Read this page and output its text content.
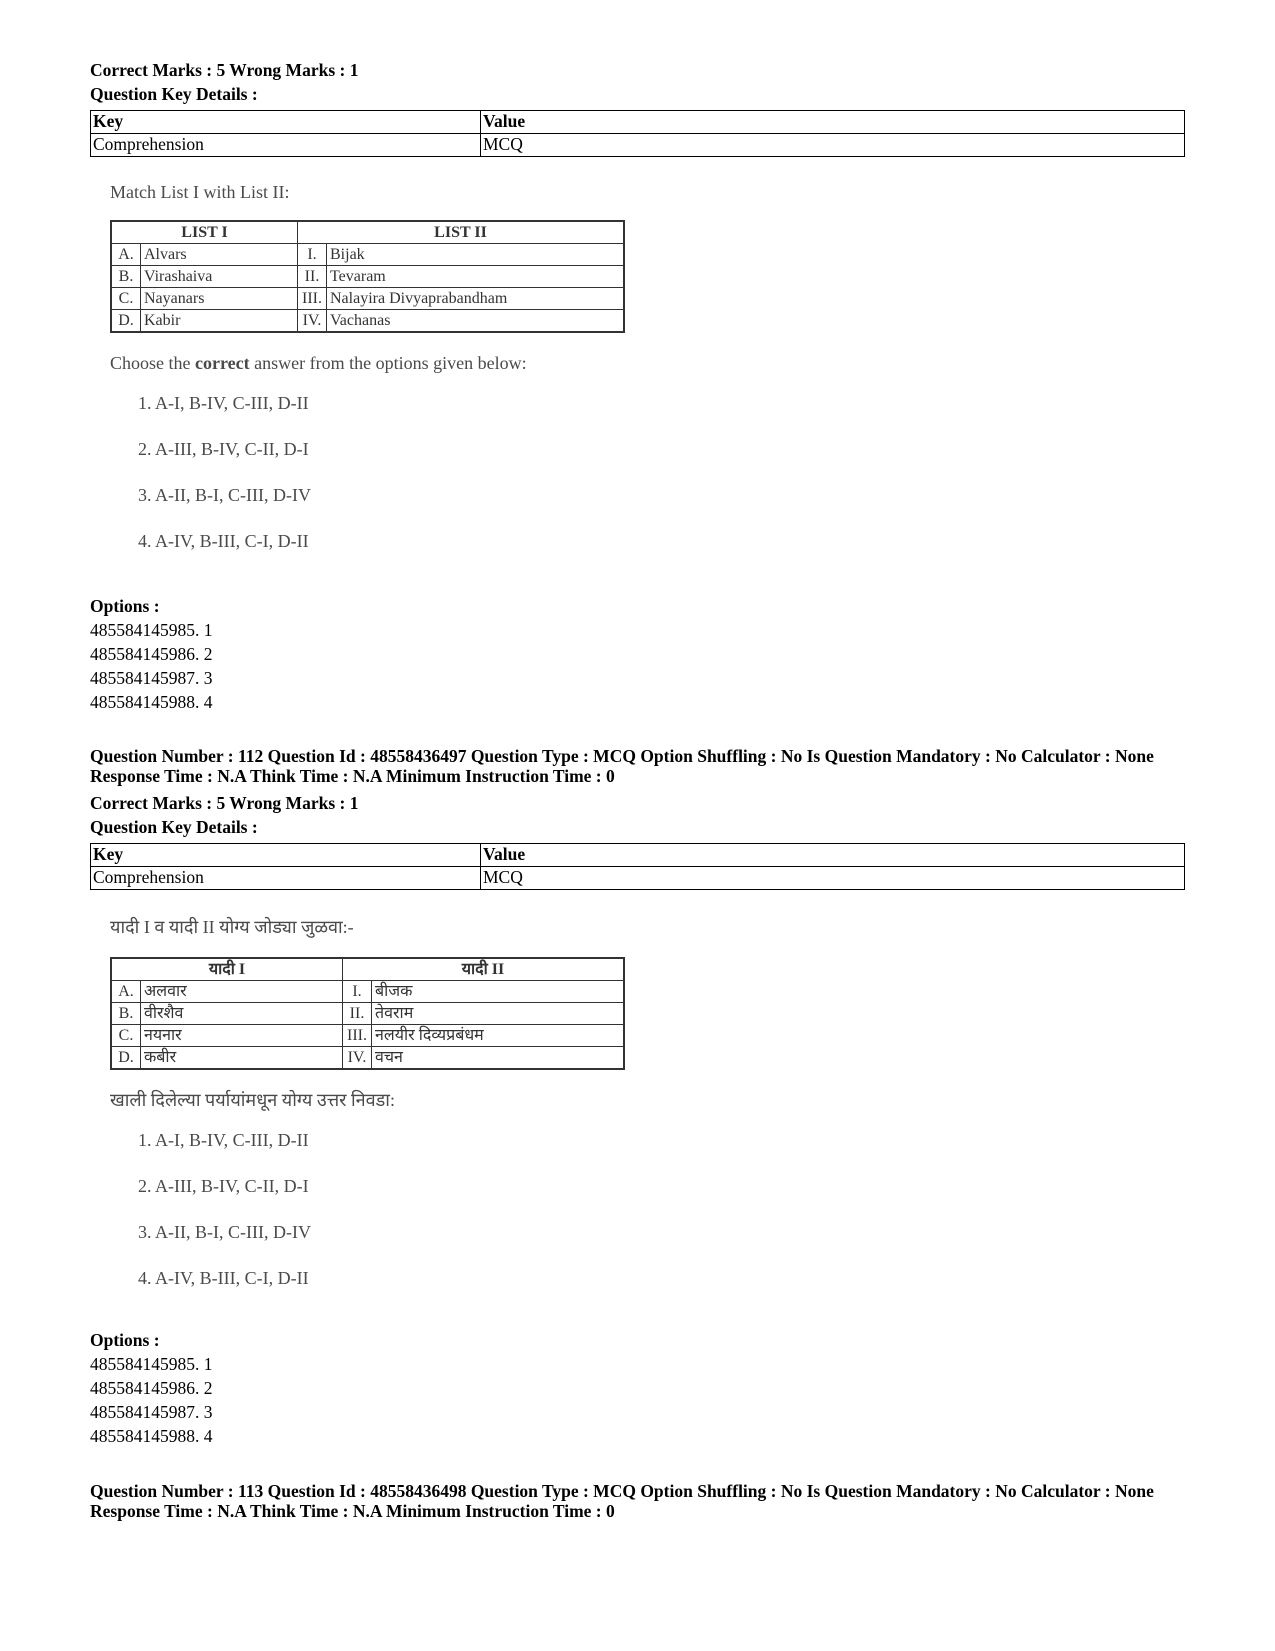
Correct Marks : 5 Wrong Marks : 1
Question Key Details :
Key	Value
Comprehension	MCQ
Match List I with List II:
LIST I		LIST II	
A.	Alvars	I.	Bijak
B.	Virashaiva	II.	Tevaram
C.	Nayanars	III.	Nalayira Divyaprabandham
D.	Kabir	IV.	Vachanas
Choose the correct answer from the options given below:
1. A-I, B-IV, C-III, D-II
2. A-III, B-IV, C-II, D-I
3. A-II, B-I, C-III, D-IV
4. A-IV, B-III, C-I, D-II
Options :
485584145985. 1
485584145986. 2
485584145987. 3
485584145988. 4
Question Number : 112 Question Id : 48558436497 Question Type : MCQ Option Shuffling : No Is Question Mandatory : No Calculator : None Response Time : N.A Think Time : N.A Minimum Instruction Time : 0
Correct Marks : 5 Wrong Marks : 1
Question Key Details :
Key	Value
Comprehension	MCQ
यादी I व यादी II योग्य जोड्या जुळवा:-
यादी I		यादी II	
A.	अलवार	I.	बीजक
B.	वीरशैव	II.	तेवराम
C.	नयनार	III.	नलयीर दिव्यप्रबंधम
D.	कबीर	IV.	वचन
खाली दिलेल्या पर्यायांमधून योग्य उत्तर निवडा:
1. A-I, B-IV, C-III, D-II
2. A-III, B-IV, C-II, D-I
3. A-II, B-I, C-III, D-IV
4. A-IV, B-III, C-I, D-II
Options :
485584145985. 1
485584145986. 2
485584145987. 3
485584145988. 4
Question Number : 113 Question Id : 48558436498 Question Type : MCQ Option Shuffling : No Is Question Mandatory : No Calculator : None Response Time : N.A Think Time : N.A Minimum Instruction Time : 0
